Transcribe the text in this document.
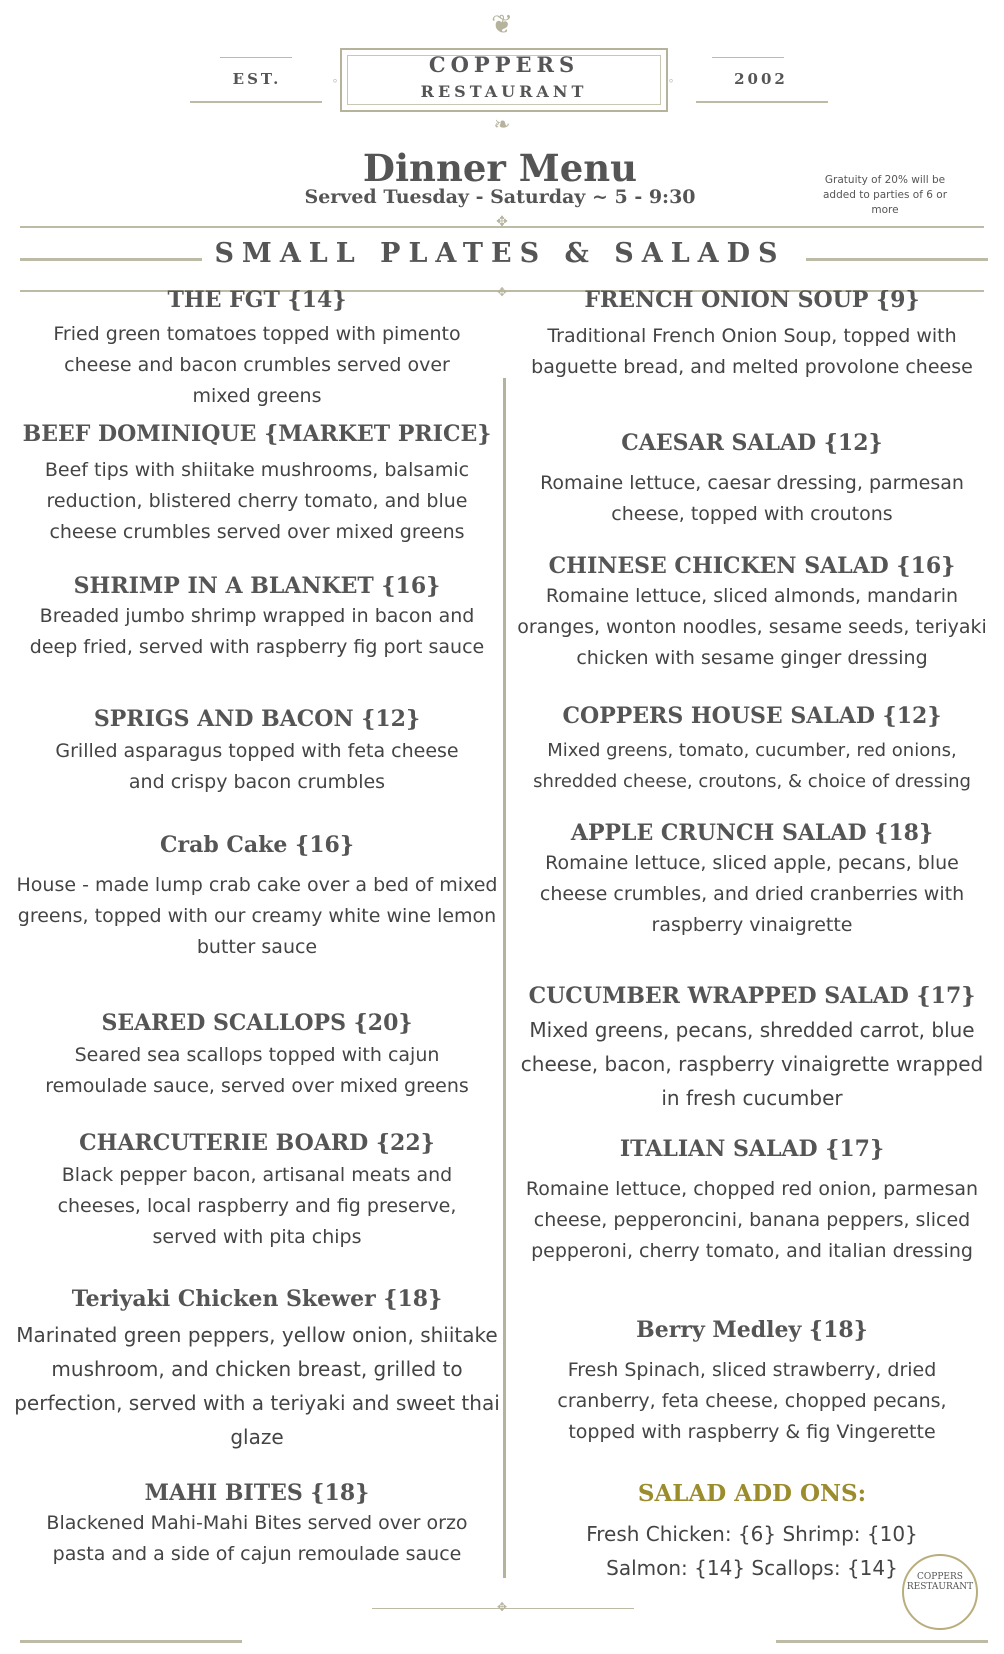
❦
❧
◦	◦
EST.
COPPERS
RESTAURANT
2002
Dinner Menu
Served Tuesday - Saturday ~ 5 - 9:30
Gratuity of 20% will be added to parties of 6 or more
✥
SMALL PLATES & SALADS
✥
THE FGT {14}
Fried green tomatoes topped with pimento cheese and bacon crumbles served over mixed greens
BEEF DOMINIQUE {MARKET PRICE}
Beef tips with shiitake mushrooms, balsamic reduction, blistered cherry tomato, and blue cheese crumbles served over mixed greens
SHRIMP IN A BLANKET {16}
Breaded jumbo shrimp wrapped in bacon and deep fried, served with raspberry fig port sauce
SPRIGS AND BACON {12}
Grilled asparagus topped with feta cheese and crispy bacon crumbles
Crab Cake {16}
House - made lump crab cake over a bed of mixed greens, topped with our creamy white wine lemon butter sauce
SEARED SCALLOPS {20}
Seared sea scallops topped with cajun remoulade sauce, served over mixed greens
CHARCUTERIE BOARD {22}
Black pepper bacon, artisanal meats and cheeses, local raspberry and fig preserve, served with pita chips
Teriyaki Chicken Skewer {18}
Marinated green peppers, yellow onion, shiitake mushroom, and chicken breast, grilled to perfection, served with a teriyaki and sweet thai glaze
MAHI BITES {18}
Blackened Mahi-Mahi Bites served over orzo pasta and a side of cajun remoulade sauce
FRENCH ONION SOUP {9}
Traditional French Onion Soup, topped with baguette bread, and melted provolone cheese
CAESAR SALAD {12}
Romaine lettuce, caesar dressing, parmesan cheese, topped with croutons
CHINESE CHICKEN SALAD {16}
Romaine lettuce, sliced almonds, mandarin oranges, wonton noodles, sesame seeds, teriyaki chicken with sesame ginger dressing
COPPERS HOUSE SALAD {12}
Mixed greens, tomato, cucumber, red onions, shredded cheese, croutons, & choice of dressing
APPLE CRUNCH SALAD {18}
Romaine lettuce, sliced apple, pecans, blue cheese crumbles, and dried cranberries with raspberry vinaigrette
CUCUMBER WRAPPED SALAD {17}
Mixed greens, pecans, shredded carrot, blue cheese, bacon, raspberry vinaigrette wrapped in fresh cucumber
ITALIAN SALAD {17}
Romaine lettuce, chopped red onion, parmesan cheese, pepperoncini, banana peppers, sliced pepperoni, cherry tomato, and italian dressing
Berry Medley {18}
Fresh Spinach, sliced strawberry, dried cranberry, feta cheese, chopped pecans, topped with raspberry & fig Vingerette
SALAD ADD ONS:
Fresh Chicken: {6} Shrimp: {10}
Salmon: {14} Scallops: {14}
✥
COPPERS
RESTAURANT
